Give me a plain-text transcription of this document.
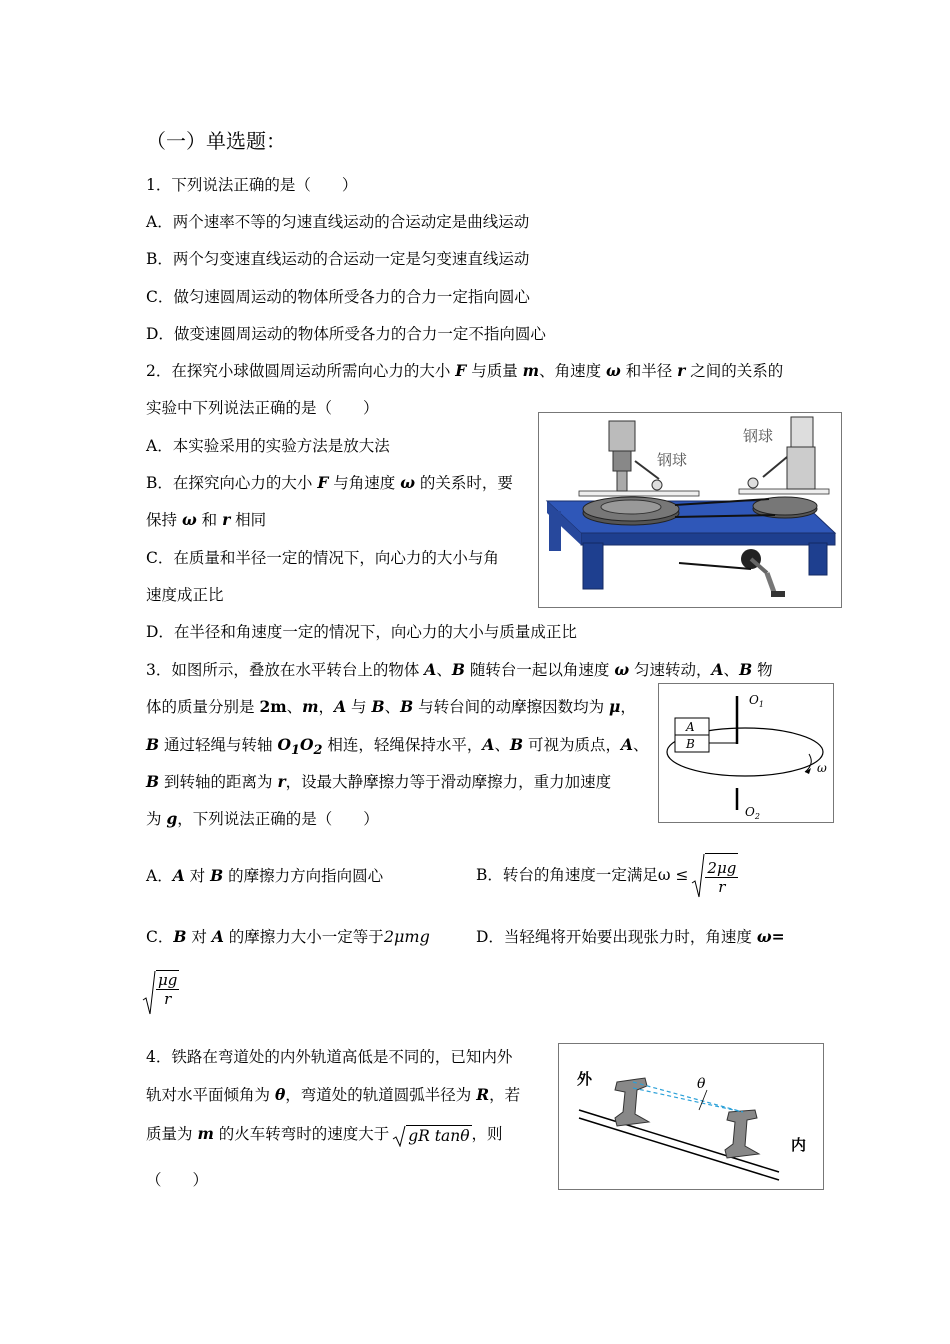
（一）单选题：
1．下列说法正确的是（　　）
A．两个速率不等的匀速直线运动的合运动定是曲线运动
B．两个匀变速直线运动的合运动一定是匀变速直线运动
C．做匀速圆周运动的物体所受各力的合力一定指向圆心
D．做变速圆周运动的物体所受各力的合力一定不指向圆心
2．在探究小球做圆周运动所需向心力的大小 F 与质量 m、角速度 ω 和半径 r 之间的关系的
实验中下列说法正确的是（　　）
A．本实验采用的实验方法是放大法
B．在探究向心力的大小 F 与角速度 ω 的关系时，要
保持 ω 和 r 相同
C．在质量和半径一定的情况下，向心力的大小与角
速度成正比
D．在半径和角速度一定的情况下，向心力的大小与质量成正比
钢球
钢球
3．如图所示，叠放在水平转台上的物体 A、B 随转台一起以角速度 ω 匀速转动，A、B 物
体的质量分别是 2m、m，A 与 B、B 与转台间的动摩擦因数均为 μ，
B 通过轻绳与转轴 $O_1O_2$ 相连，轻绳保持水平，A、B 可视为质点，A、
B 到转轴的距离为 r，设最大静摩擦力等于滑动摩擦力，重力加速度
为 g，下列说法正确的是（　　）
$O_1$
$O_2$
A
B
ω
A．A 对 B 的摩擦力方向指向圆心	B．转台的角速度一定满足$\omega \le \frac{2\mu g}{r}$
C．B 对 A 的摩擦力大小一定等于2μmg	D．当轻绳将开始要出现张力时，角速度 ω=
$\frac{\mu g}{r}$
4．铁路在弯道处的内外轨道高低是不同的，已知内外
轨对水平面倾角为 θ，弯道处的轨道圆弧半径为 R，若
质量为 m 的火车转弯时的速度大于 gR tanθ ，则
（　　）
外
内
θ
